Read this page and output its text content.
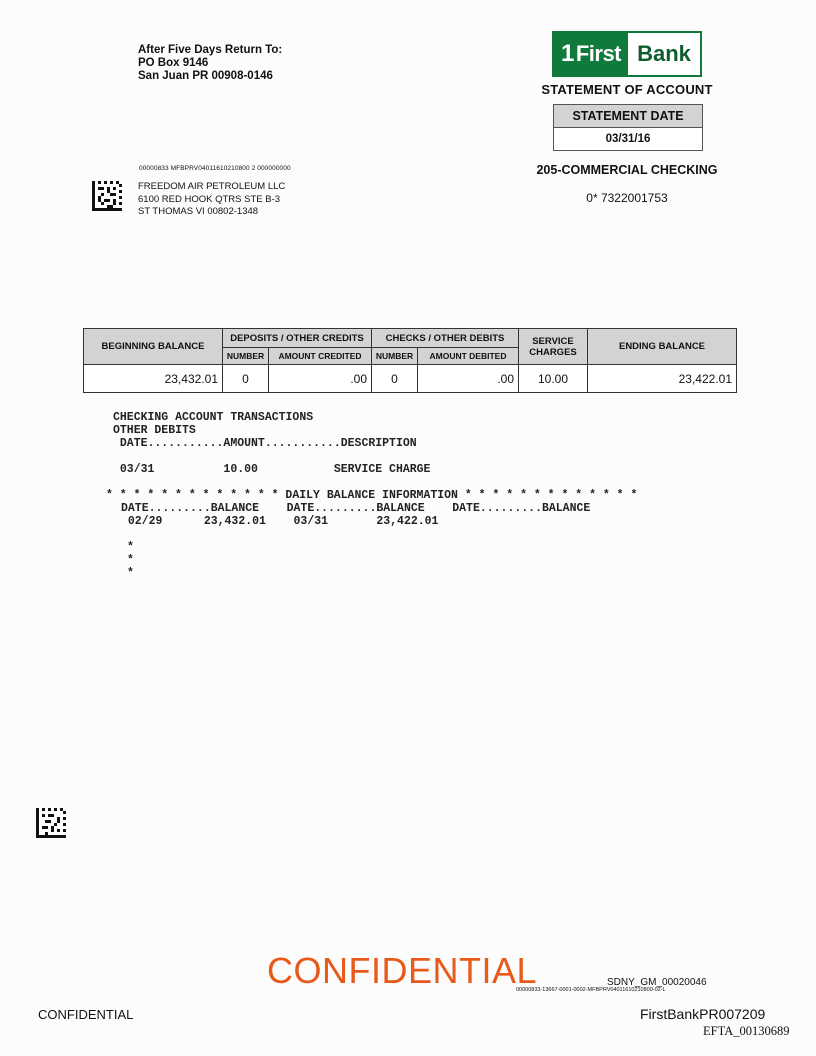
After Five Days Return To:
PO Box 9146
San Juan PR 00908-0146
1 First Bank
STATEMENT OF ACCOUNT
STATEMENT DATE
03/31/16
205-COMMERCIAL CHECKING
0* 7322001753
00000833 MFBPRV04011610210800 2 000000000
FREEDOM AIR PETROLEUM LLC
6100 RED HOOK QTRS STE B-3
ST THOMAS VI 00802-1348
BEGINNING BALANCE	DEPOSITS / OTHER CREDITS		CHECKS / OTHER DEBITS		SERVICE CHARGES	ENDING BALANCE
	NUMBER	AMOUNT CREDITED	NUMBER	AMOUNT DEBITED		
23,432.01	0	.00	0	.00	10.00	23,422.01
CHECKING ACCOUNT TRANSACTIONS
OTHER DEBITS
DATE...........AMOUNT...........DESCRIPTION
03/31          10.00           SERVICE CHARGE
* * * * * * * * * * * * * DAILY BALANCE INFORMATION * * * * * * * * * * * * *
DATE.........BALANCE    DATE.........BALANCE    DATE.........BALANCE
02/29      23,432.01    03/31       23,422.01
*
*
*
CONFIDENTIAL	SDNY_GM_00020046
00000833-13667-0001-0002-MFBPRV04011610210800-02-L
CONFIDENTIAL	FirstBankPR007209
EFTA_00130689
